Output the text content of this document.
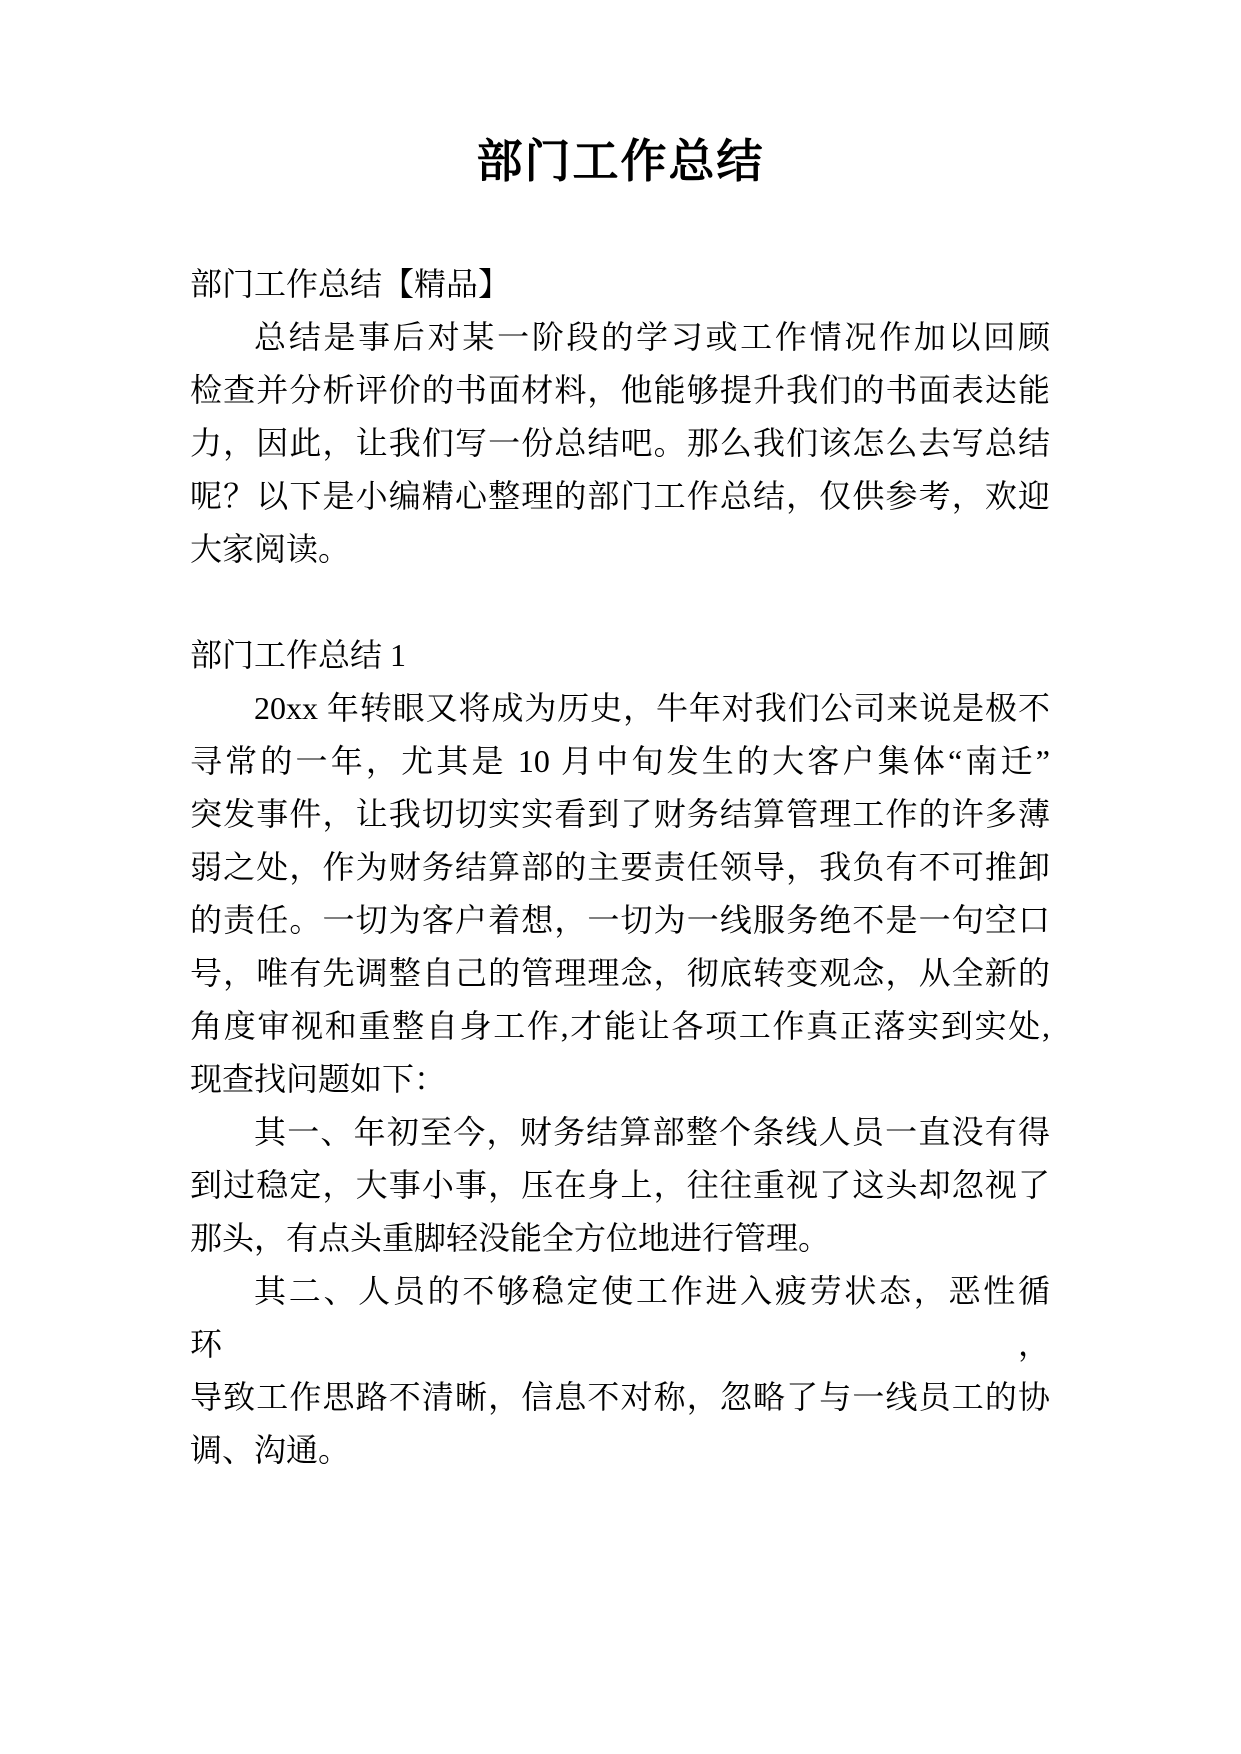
部门工作总结
部门工作总结【精品】
总结是事后对某一阶段的学习或工作情况作加以回顾
检查并分析评价的书面材料，他能够提升我们的书面表达能
力，因此，让我们写一份总结吧。那么我们该怎么去写总结
呢？以下是小编精心整理的部门工作总结，仅供参考，欢迎
大家阅读。
部门工作总结 1
20xx 年转眼又将成为历史，牛年对我们公司来说是极不
寻常的一年，尤其是 10 月中旬发生的大客户集体“南迁”
突发事件，让我切切实实看到了财务结算管理工作的许多薄
弱之处，作为财务结算部的主要责任领导，我负有不可推卸
的责任。一切为客户着想，一切为一线服务绝不是一句空口
号，唯有先调整自己的管理理念，彻底转变观念，从全新的
角度审视和重整自身工作,才能让各项工作真正落实到实处,
现查找问题如下：
其一、年初至今，财务结算部整个条线人员一直没有得
到过稳定，大事小事，压在身上，往往重视了这头却忽视了
那头，有点头重脚轻没能全方位地进行管理。
其二、人员的不够稳定使工作进入疲劳状态，恶性循环，
导致工作思路不清晰，信息不对称，忽略了与一线员工的协
调、沟通。
